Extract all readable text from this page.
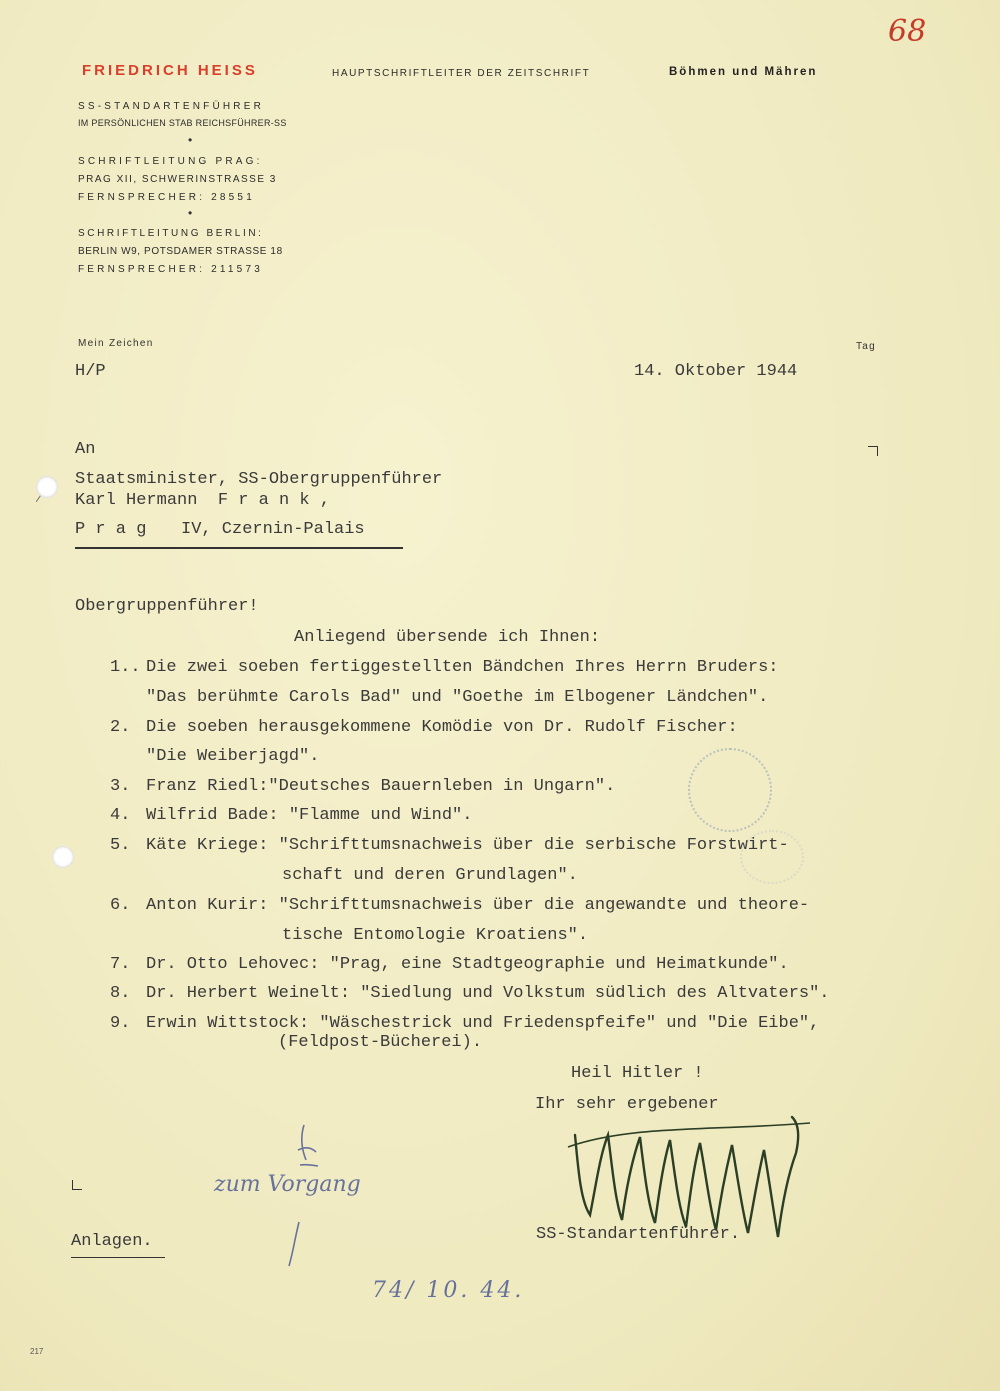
68
FRIEDRICH HEISS	HAUPTSCHRIFTLEITER DER ZEITSCHRIFT	Böhmen und Mähren
SS-STANDARTENFÜHRER
IM PERSÖNLICHEN STAB REICHSFÜHRER-SS
•
SCHRIFTLEITUNG PRAG:
PRAG XII, SCHWERINSTRASSE 3
FERNSPRECHER: 28551
•
SCHRIFTLEITUNG BERLIN:
BERLIN W9, POTSDAMER STRASSE 18
FERNSPRECHER: 211573
Mein Zeichen	Tag
H/P	14. Oktober 1944
An
Staatsminister, SS-Obergruppenführer
Karl Hermann  F r a n k ,
P r a g IV, Czernin-Palais
Obergruppenführer!
Anliegend übersende ich Ihnen:
1.. Die zwei soeben fertiggestellten Bändchen Ihres Herrn Bruders:
"Das berühmte Carols Bad" und "Goethe im Elbogener Ländchen".
2. Die soeben herausgekommene Komödie von Dr. Rudolf Fischer:
"Die Weiberjagd".
3. Franz Riedl:"Deutsches Bauernleben in Ungarn".
4. Wilfrid Bade: "Flamme und Wind".
5. Käte Kriege: "Schrifttumsnachweis über die serbische Forstwirt-
schaft und deren Grundlagen".
6. Anton Kurir: "Schrifttumsnachweis über die angewandte und theore-
tische Entomologie Kroatiens".
7. Dr. Otto Lehovec: "Prag, eine Stadtgeographie und Heimatkunde".
8. Dr. Herbert Weinelt: "Siedlung und Volkstum südlich des Altvaters".
9. Erwin Wittstock: "Wäschestrick und Friedenspfeife" und "Die Eibe",
(Feldpost-Bücherei).
Heil Hitler !
Ihr sehr ergebener
SS-Standartenführer.
zum Vorgang
Anlagen.
74/ 10. 44.
217
